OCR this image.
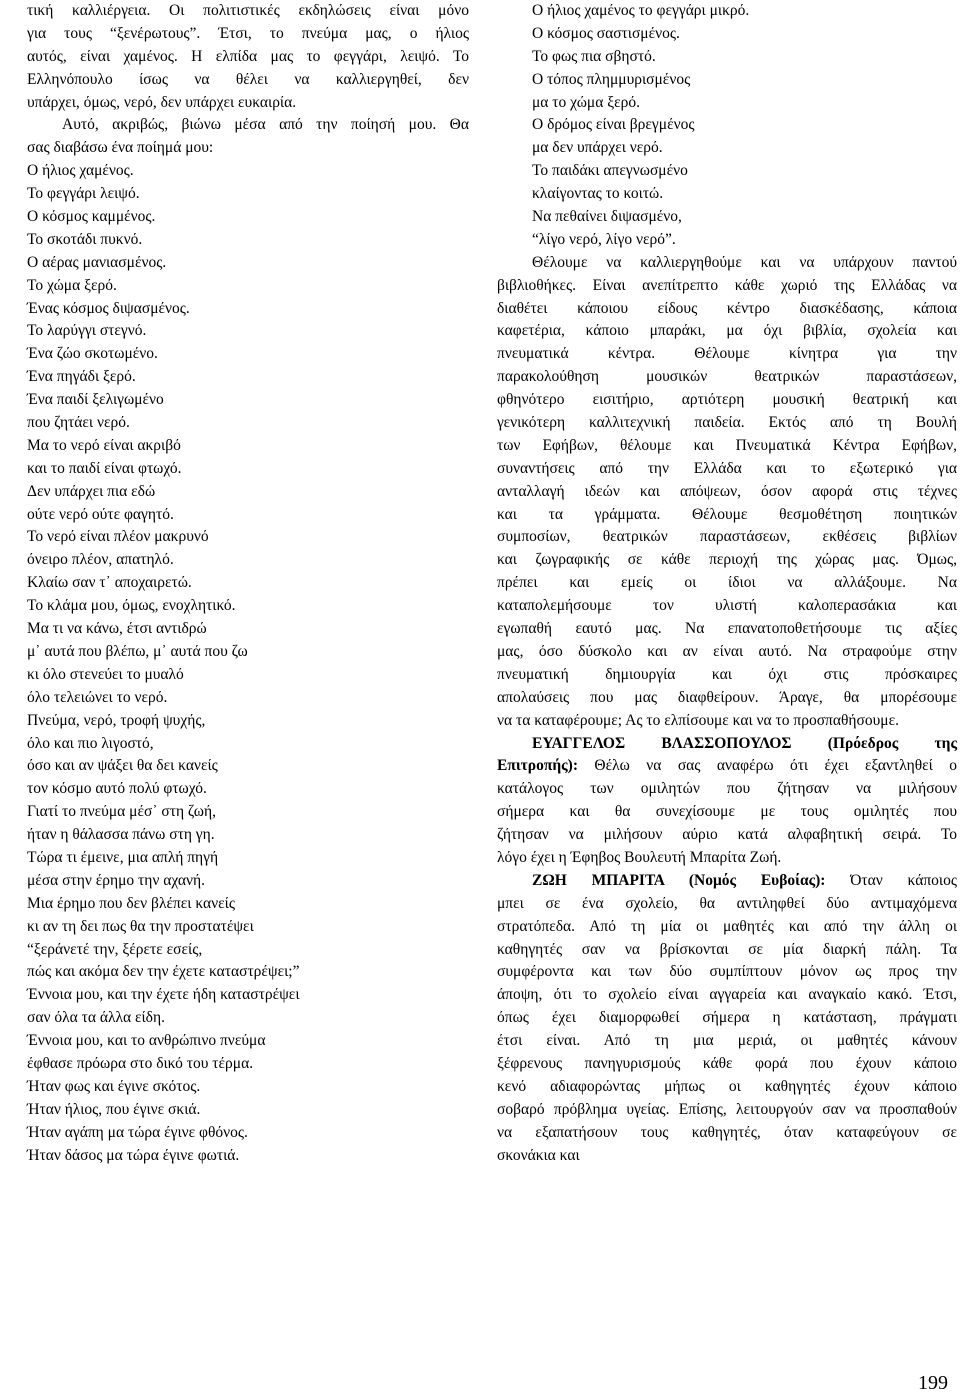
τική καλλιέργεια. Οι πολιτιστικές εκδηλώσεις είναι μόνο
για τους “ξενέρωτους”. Έτσι, το πνεύμα μας, ο ήλιος
αυτός, είναι χαμένος. Η ελπίδα μας το φεγγάρι, λειψό. Το
Ελληνόπουλο ίσως να θέλει να καλλιεργηθεί, δεν
υπάρχει, όμως, νερό, δεν υπάρχει ευκαιρία.
Αυτό, ακριβώς, βιώνω μέσα από την ποίησή μου. Θα
σας διαβάσω ένα ποίημά μου:
Ο ήλιος χαμένος.
Το φεγγάρι λειψό.
Ο κόσμος καμμένος.
Το σκοτάδι πυκνό.
Ο αέρας μανιασμένος.
Το χώμα ξερό.
Ένας κόσμος διψασμένος.
Το λαρύγγι στεγνό.
Ένα ζώο σκοτωμένο.
Ένα πηγάδι ξερό.
Ένα παιδί ξελιγωμένο
που ζητάει νερό.
Μα το νερό είναι ακριβό
και το παιδί είναι φτωχό.
Δεν υπάρχει πια εδώ
ούτε νερό ούτε φαγητό.
Το νερό είναι πλέον μακρυνό
όνειρο πλέον, απατηλό.
Κλαίω σαν τ᾽ αποχαιρετώ.
Το κλάμα μου, όμως, ενοχλητικό.
Μα τι να κάνω, έτσι αντιδρώ
μ᾽ αυτά που βλέπω, μ᾽ αυτά που ζω
κι όλο στενεύει το μυαλό
όλο τελειώνει το νερό.
Πνεύμα, νερό, τροφή ψυχής,
όλο και πιο λιγοστό,
όσο και αν ψάξει θα δει κανείς
τον κόσμο αυτό πολύ φτωχό.
Γιατί το πνεύμα μέσ᾽ στη ζωή,
ήταν η θάλασσα πάνω στη γη.
Τώρα τι έμεινε, μια απλή πηγή
μέσα στην έρημο την αχανή.
Μια έρημο που δεν βλέπει κανείς
κι αν τη δει πως θα την προστατέψει
“ξεράνετέ την, ξέρετε εσείς,
πώς και ακόμα δεν την έχετε καταστρέψει;”
Έννοια μου, και την έχετε ήδη καταστρέψει
σαν όλα τα άλλα είδη.
Έννοια μου, και το ανθρώπινο πνεύμα
έφθασε πρόωρα στο δικό του τέρμα.
Ήταν φως και έγινε σκότος.
Ήταν ήλιος, που έγινε σκιά.
Ήταν αγάπη μα τώρα έγινε φθόνος.
Ήταν δάσος μα τώρα έγινε φωτιά.
Ο ήλιος χαμένος το φεγγάρι μικρό.
Ο κόσμος σαστισμένος.
Το φως πια σβηστό.
Ο τόπος πλημμυρισμένος
μα το χώμα ξερό.
Ο δρόμος είναι βρεγμένος
μα δεν υπάρχει νερό.
Το παιδάκι απεγνωσμένο
κλαίγοντας το κοιτώ.
Να πεθαίνει διψασμένο,
“λίγο νερό, λίγο νερό”.
Θέλουμε να καλλιεργηθούμε και να υπάρχουν παντού
βιβλιοθήκες. Είναι ανεπίτρεπτο κάθε χωριό της Ελλάδας να
διαθέτει κάποιου είδους κέντρο διασκέδασης, κάποια
καφετέρια, κάποιο μπαράκι, μα όχι βιβλία, σχολεία και
πνευματικά κέντρα. Θέλουμε κίνητρα για την
παρακολούθηση μουσικών θεατρικών παραστάσεων,
φθηνότερο εισιτήριο, αρτιότερη μουσική θεατρική και
γενικότερη καλλιτεχνική παιδεία. Εκτός από τη Βουλή
των Εφήβων, θέλουμε και Πνευματικά Κέντρα Εφήβων,
συναντήσεις από την Ελλάδα και το εξωτερικό για
ανταλλαγή ιδεών και απόψεων, όσον αφορά στις τέχνες
και τα γράμματα. Θέλουμε θεσμοθέτηση ποιητικών
συμποσίων, θεατρικών παραστάσεων, εκθέσεις βιβλίων
και ζωγραφικής σε κάθε περιοχή της χώρας μας. Όμως,
πρέπει και εμείς οι ίδιοι να αλλάξουμε. Να
καταπολεμήσουμε τον υλιστή καλοπερασάκια και
εγωπαθή εαυτό μας. Να επανατοποθετήσουμε τις αξίες
μας, όσο δύσκολο και αν είναι αυτό. Να στραφούμε στην
πνευματική δημιουργία και όχι στις πρόσκαιρες
απολαύσεις που μας διαφθείρουν. Άραγε, θα μπορέσουμε
να τα καταφέρουμε; Ας το ελπίσουμε και να το προσπαθήσουμε.
ΕΥΑΓΓΕΛΟΣ ΒΛΑΣΣΟΠΟΥΛΟΣ (Πρόεδρος της
Επιτροπής): Θέλω να σας αναφέρω ότι έχει εξαντληθεί ο
κατάλογος των ομιλητών που ζήτησαν να μιλήσουν
σήμερα και θα συνεχίσουμε με τους ομιλητές που
ζήτησαν να μιλήσουν αύριο κατά αλφαβητική σειρά. Το
λόγο έχει η Έφηβος Βουλευτή Μπαρίτα Ζωή.
ΖΩΗ ΜΠΑΡΙΤΑ (Νομός Ευβοίας): Όταν κάποιος
μπει σε ένα σχολείο, θα αντιληφθεί δύο αντιμαχόμενα
στρατόπεδα. Από τη μία οι μαθητές και από την άλλη οι
καθηγητές σαν να βρίσκονται σε μία διαρκή πάλη. Τα
συμφέροντα και των δύο συμπίπτουν μόνον ως προς την
άποψη, ότι το σχολείο είναι αγγαρεία και αναγκαίο κακό. Έτσι,
όπως έχει διαμορφωθεί σήμερα η κατάσταση, πράγματι
έτσι είναι. Από τη μια μεριά, οι μαθητές κάνουν
ξέφρενους πανηγυρισμούς κάθε φορά που έχουν κάποιο
κενό αδιαφορώντας μήπως οι καθηγητές έχουν κάποιο
σοβαρό πρόβλημα υγείας. Επίσης, λειτουργούν σαν να προσπαθούν
να εξαπατήσουν τους καθηγητές, όταν καταφεύγουν σε
σκονάκια και
199
